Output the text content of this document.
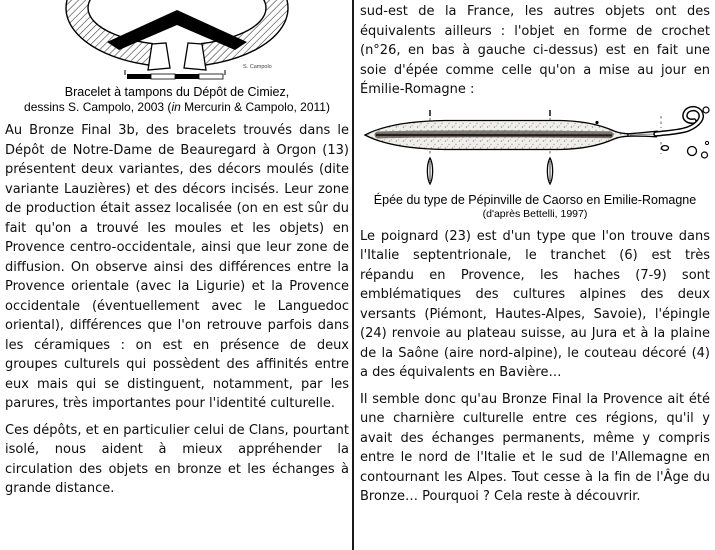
S. Campolo
Bracelet à tampons du Dépôt de Cimiez,
dessins S. Campolo, 2003 (in Mercurin & Campolo, 2011)

Au Bronze Final 3b, des bracelets trouvés dans le Dépôt de Notre-Dame de Beauregard à Orgon (13) présentent deux variantes, des décors moulés (dite variante Lauzières) et des décors incisés. Leur zone de production était assez localisée (on en est sûr du fait qu'on a trouvé les moules et les objets) en Provence centro-occidentale, ainsi que leur zone de diffusion. On observe ainsi des différences entre la Provence orientale (avec la Ligurie) et la Provence occidentale (éventuellement avec le Languedoc oriental), différences que l'on retrouve parfois dans les céramiques : on est en présence de deux groupes culturels qui possèdent des affinités entre eux mais qui se distinguent, notamment, par les parures, très importantes pour l'identité culturelle.

Ces dépôts, et en particulier celui de Clans, pourtant isolé, nous aident à mieux appréhender la circulation des objets en bronze et les échanges à grande distance.

sud-est de la France, les autres objets ont des équivalents ailleurs : l'objet en forme de crochet (n°26, en bas à gauche ci-dessus) est en fait une soie d'épée comme celle qu'on a mise au jour en Émilie-Romagne :

Épée du type de Pépinville de Caorso en Emilie-Romagne
(d'après Bettelli, 1997)

Le poignard (23) est d'un type que l'on trouve dans l'Italie septentrionale, le tranchet (6) est très répandu en Provence, les haches (7-9) sont emblématiques des cultures alpines des deux versants (Piémont, Hautes-Alpes, Savoie), l'épingle (24) renvoie au plateau suisse, au Jura et à la plaine de la Saône (aire nord-alpine), le couteau décoré (4) a des équivalents en Bavière…

Il semble donc qu'au Bronze Final la Provence ait été une charnière culturelle entre ces régions, qu'il y avait des échanges permanents, même y compris entre le nord de l'Italie et le sud de l'Allemagne en contournant les Alpes. Tout cesse à la fin de l'Âge du Bronze… Pourquoi ? Cela reste à découvrir.
